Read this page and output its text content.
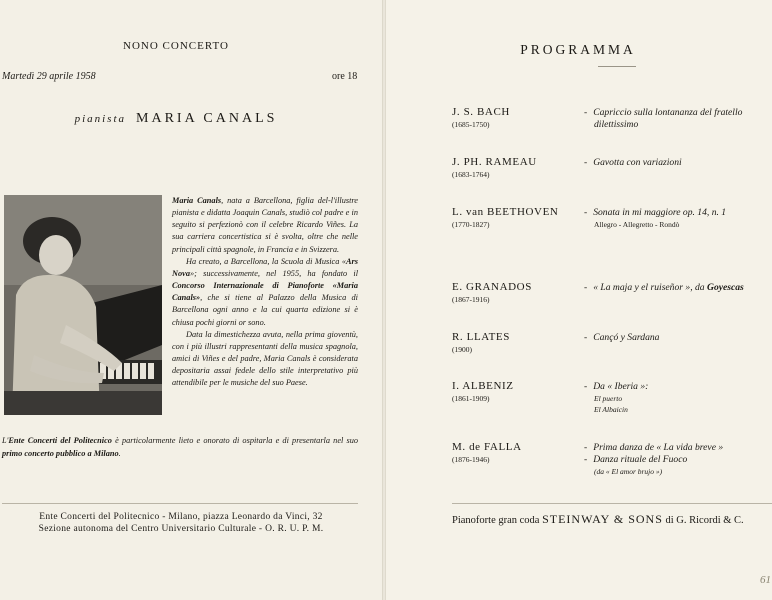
NONO CONCERTO
Martedì 29 aprile 1958	ore 18
pianista MARIA CANALS

Maria Canals, nata a Barcellona, figlia del-l'illustre pianista e didatta Joaquin Canals, studiò col padre e in seguito si perfezionò con il celebre Ricardo Viñes. La sua carriera concertistica si è svolta, oltre che nelle principali città spagnole, in Francia e in Svizzera.

Ha creato, a Barcellona, la Scuola di Musica «Ars Nova»; successivamente, nel 1955, ha fondato il Concorso Internazionale di Pianoforte «Maria Canals», che si tiene al Palazzo della Musica di Barcellona ogni anno e la cui quarta edizione si è chiusa pochi giorni or sono.

Data la dimestichezza avuta, nella prima gioventù, con i più illustri rappresentanti della musica spagnola, amici di Viñes e del padre, Maria Canals è considerata depositaria assai fedele dello stile interpretativo più attendibile per le musiche del suo Paese.

L'Ente Concerti del Politecnico è particolarmente lieto e onorato di ospitarla e di presentarla nel suo primo concerto pubblico a Milano.
Ente Concerti del Politecnico - Milano, piazza Leonardo da Vinci, 32
Sezione autonoma del Centro Universitario Culturale - O. R. U. P. M.
PROGRAMMA
J. S. BACH
(1685-1750)
- Capriccio sulla lontananza del fratello
dilettissimo
J. PH. RAMEAU
(1683-1764)
- Gavotta con variazioni
L. van BEETHOVEN
(1770-1827)
- Sonata in mi maggiore op. 14, n. 1
Allegro - Allegretto - Rondò
E. GRANADOS
(1867-1916)
- « La maja y el ruiseñor », da Goyescas
R. LLATES
(1900)
- Cançó y Sardana
I. ALBENIZ
(1861-1909)
- Da « Iberia »:
El puerto
El Albaicin
M. de FALLA
(1876-1946)
- Prima danza de « La vida breve »
- Danza rituale del Fuoco
(da « El amor brujo »)
Pianoforte gran coda STEINWAY & SONS di G. Ricordi & C.
61
